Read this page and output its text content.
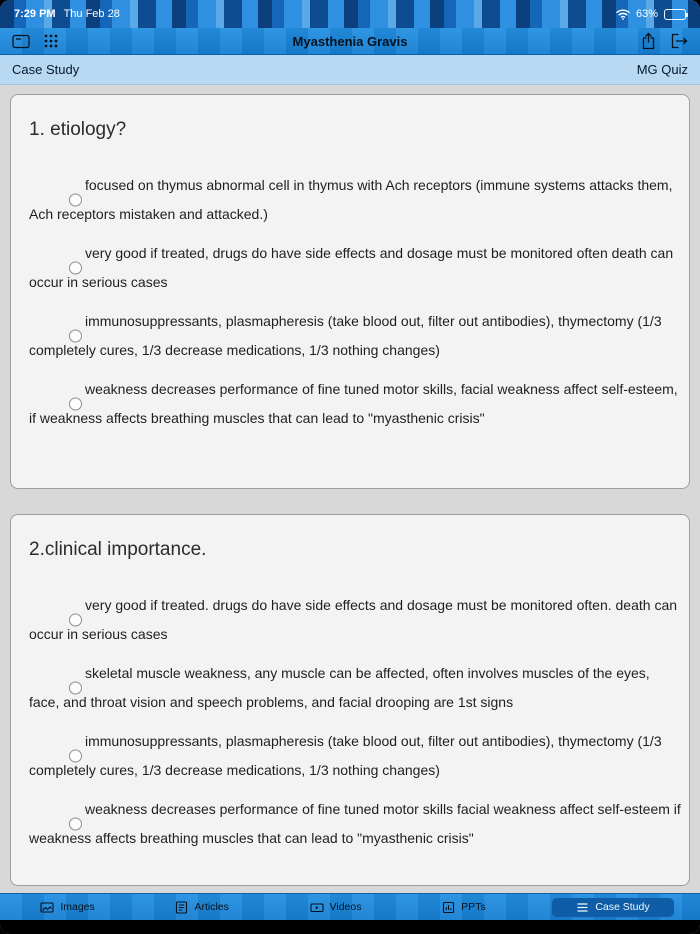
7:29 PM Thu Feb 28	63%
Myasthenia Gravis
Case Study	MG Quiz
1. etiology?
focused on thymus abnormal cell in thymus with Ach receptors (immune systems attacks them, Ach receptors mistaken and attacked.)
very good if treated, drugs do have side effects and dosage must be monitored often death can occur in serious cases
immunosuppressants, plasmapheresis (take blood out, filter out antibodies), thymectomy (1/3 completely cures, 1/3 decrease medications, 1/3 nothing changes)
weakness decreases performance of fine tuned motor skills, facial weakness affect self-esteem, if weakness affects breathing muscles that can lead to "myasthenic crisis"
2.clinical importance.
very good if treated. drugs do have side effects and dosage must be monitored often. death can occur in serious cases
skeletal muscle weakness, any muscle can be affected, often involves muscles of the eyes, face, and throat vision and speech problems, and facial drooping are 1st signs
immunosuppressants, plasmapheresis (take blood out, filter out antibodies), thymectomy (1/3 completely cures, 1/3 decrease medications, 1/3 nothing changes)
weakness decreases performance of fine tuned motor skills facial weakness affect self-esteem if weakness affects breathing muscles that can lead to "myasthenic crisis"
Images	Articles	Videos	PPTs	Case Study
